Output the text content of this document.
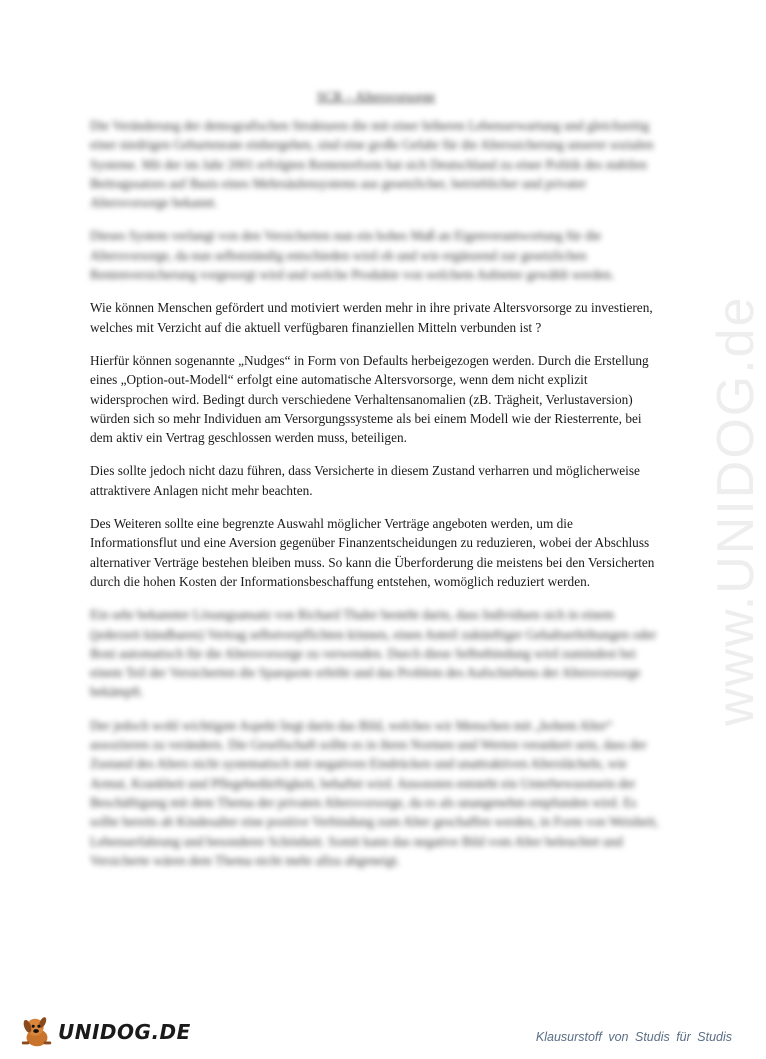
SCR – Altersvorsorge

Die Veränderung der demografischen Strukturen die mit einer höheren Lebenserwartung und gleichzeitig einer niedrigen Geburtenrate einhergehen, sind eine große Gefahr für die Alterssicherung unserer sozialen Systeme. Mit der im Jahr 2001 erfolgten Rentenreform hat sich Deutschland zu einer Politik des stabilen Beitragssatzes auf Basis eines Mehrsäulensystems aus gesetzlicher, betrieblicher und privater Altersvorsorge bekannt.

Dieses System verlangt von den Versicherten nun ein hohes Maß an Eigenverantwortung für die Altersvorsorge, da nun selbstständig entschieden wird ob und wie ergänzend zur gesetzlichen Rentenversicherung vorgesorgt wird und welche Produkte von welchem Anbieter gewählt werden.

Wie können Menschen gefördert und motiviert werden mehr in ihre private Altersvorsorge zu investieren, welches mit Verzicht auf die aktuell verfügbaren finanziellen Mitteln verbunden ist ?

Hierfür können sogenannte „Nudges“ in Form von Defaults herbeigezogen werden. Durch die Erstellung eines „Option-out-Modell“ erfolgt eine automatische Altersvorsorge, wenn dem nicht explizit widersprochen wird. Bedingt durch verschiedene Verhaltensanomalien (zB. Trägheit, Verlustaversion) würden sich so mehr Individuen am Versorgungssysteme als bei einem Modell wie der Riesterrente, bei dem aktiv ein Vertrag geschlossen werden muss, beteiligen.

Dies sollte jedoch nicht dazu führen, dass Versicherte in diesem Zustand verharren und möglicherweise attraktivere Anlagen nicht mehr beachten.

Des Weiteren sollte eine begrenzte Auswahl möglicher Verträge angeboten werden, um die Informationsflut und eine Aversion gegenüber Finanzentscheidungen zu reduzieren, wobei der Abschluss alternativer Verträge bestehen bleiben muss. So kann die Überforderung die meistens bei den Versicherten durch die hohen Kosten der Informationsbeschaffung entstehen, womöglich reduziert werden.

Ein sehr bekannter Lösungsansatz von Richard Thaler besteht darin, dass Individuen sich in einem (jederzeit kündbaren) Vertrag selbstverpflichten können, einen Anteil zukünftiger Gehaltserhöhungen oder Boni automatisch für die Altersvorsorge zu verwenden. Durch diese Selbstbindung wird zumindest bei einem Teil der Versicherten die Sparquote erhöht und das Problem des Aufschiebens der Altersvorsorge bekämpft.

Der jedoch wohl wichtigste Aspekt liegt darin das Bild, welches wir Menschen mit „hohem Alter“ assoziieren zu verändern. Die Gesellschaft sollte es in ihren Normen und Werten verankert sein, dass der Zustand des Alters nicht systematisch mit negativen Eindrücken und unattraktiven Alterslächeln, wie Armut, Krankheit und Pflegebedürftigkeit, behaftet wird. Ansonsten entsteht ein Unterbewusstsein der Beschäftigung mit dem Thema der privaten Altersvorsorge, da es als unangenehm empfunden wird. Es sollte bereits ab Kindesalter eine positive Verbindung zum Alter geschaffen werden, in Form von Weisheit, Lebenserfahrung und besonderer Schönheit. Somit kann das negative Bild vom Alter beleuchtet und Versicherte wären dem Thema nicht mehr allzu abgeneigt.

www.UNIDOG.de
UNIDOG.DE	Klausurstoff von Studis für Studis
